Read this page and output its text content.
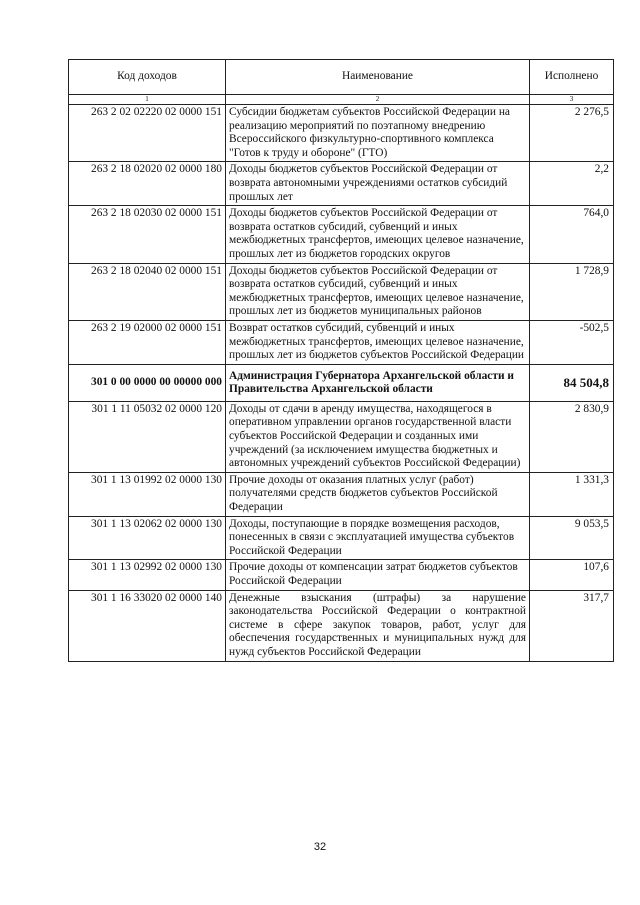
Код доходов	Наименование	Исполнено
1	2	3
263 2 02 02220 02 0000 151	Субсидии бюджетам субъектов Российской Федерации на реализацию мероприятий по поэтапному внедрению Всероссийского физкультурно-спортивного комплекса "Готов к труду и обороне" (ГТО)	2 276,5
263 2 18 02020 02 0000 180	Доходы бюджетов субъектов Российской Федерации от возврата автономными учреждениями остатков субсидий прошлых лет	2,2
263 2 18 02030 02 0000 151	Доходы бюджетов субъектов Российской Федерации от возврата остатков субсидий, субвенций и иных межбюджетных трансфертов, имеющих целевое назначение, прошлых лет из бюджетов городских округов	764,0
263 2 18 02040 02 0000 151	Доходы бюджетов субъектов Российской Федерации от возврата остатков субсидий, субвенций и иных межбюджетных трансфертов, имеющих целевое назначение, прошлых лет из бюджетов муниципальных районов	1 728,9
263 2 19 02000 02 0000 151	Возврат остатков субсидий, субвенций и иных межбюджетных трансфертов, имеющих целевое назначение, прошлых лет из бюджетов субъектов Российской Федерации	-502,5
301 0 00 0000 00 00000 000	Администрация Губернатора Архангельской области и Правительства Архангельской области	84 504,8
301 1 11 05032 02 0000 120	Доходы от сдачи в аренду имущества, находящегося в оперативном управлении органов государственной власти субъектов Российской Федерации и созданных ими учреждений (за исключением имущества бюджетных и автономных учреждений субъектов Российской Федерации)	2 830,9
301 1 13 01992 02 0000 130	Прочие доходы от оказания платных услуг (работ) получателями средств бюджетов субъектов Российской Федерации	1 331,3
301 1 13 02062 02 0000 130	Доходы, поступающие в порядке возмещения расходов, понесенных в связи с эксплуатацией имущества субъектов Российской Федерации	9 053,5
301 1 13 02992 02 0000 130	Прочие доходы от компенсации затрат бюджетов субъектов Российской Федерации	107,6
301 1 16 33020 02 0000 140	Денежные взыскания (штрафы) за нарушение законодательства Российской Федерации о контрактной системе в сфере закупок товаров, работ, услуг для обеспечения государственных и муниципальных нужд для нужд субъектов Российской Федерации	317,7
32
